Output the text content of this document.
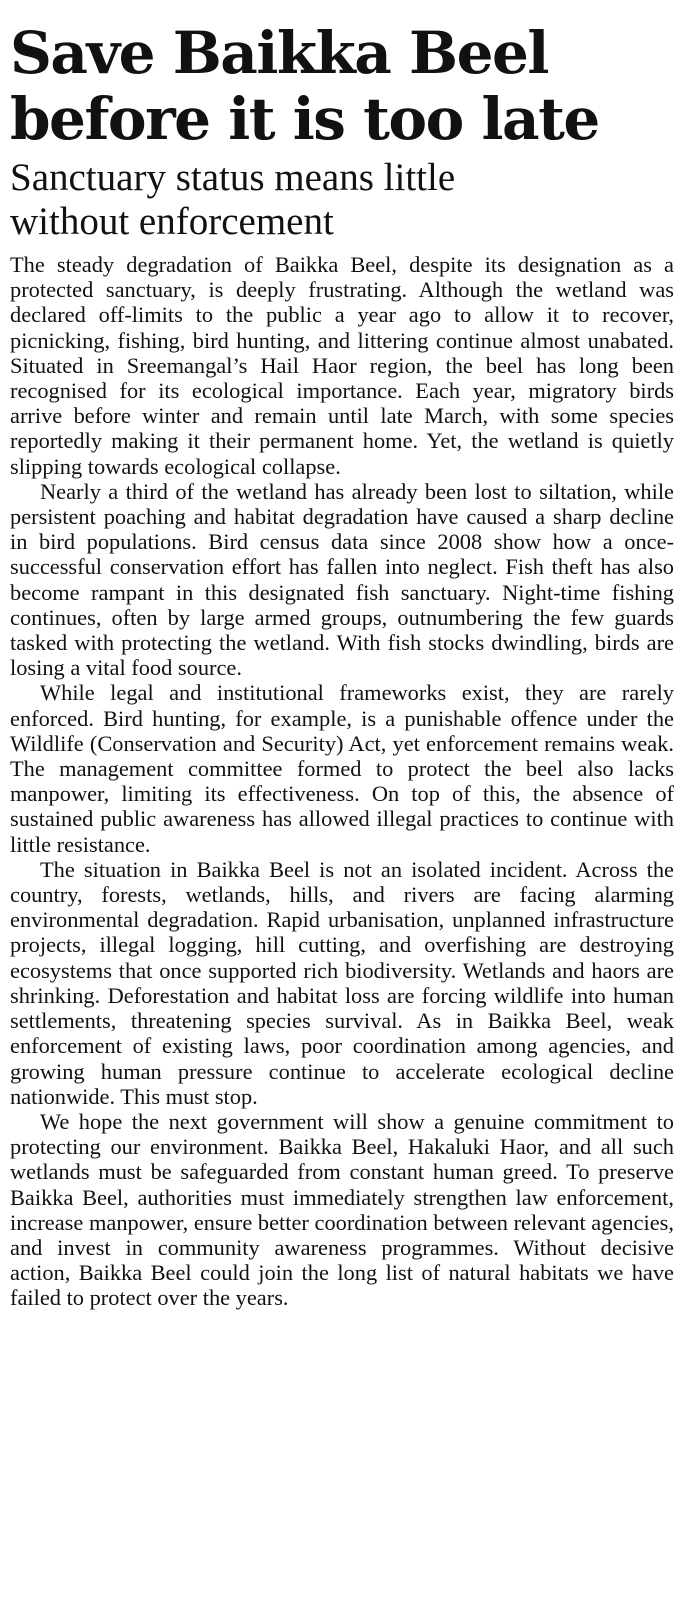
Save Baikka Beel
before it is too late
Sanctuary status means little
without enforcement

The steady degradation of Baikka Beel, despite its designation as a protected sanctuary, is deeply frustrating. Although the wetland was declared off-limits to the public a year ago to allow it to recover, picnicking, fishing, bird hunting, and littering continue almost unabated. Situated in Sreemangal’s Hail Haor region, the beel has long been recognised for its ecological importance. Each year, migratory birds arrive before winter and remain until late March, with some species reportedly making it their permanent home. Yet, the wetland is quietly slipping towards ecological collapse.

Nearly a third of the wetland has already been lost to siltation, while persistent poaching and habitat degradation have caused a sharp decline in bird populations. Bird census data since 2008 show how a once-successful conservation effort has fallen into neglect. Fish theft has also become rampant in this designated fish sanctuary. Night-time fishing continues, often by large armed groups, outnumbering the few guards tasked with protecting the wetland. With fish stocks dwindling, birds are losing a vital food source.

While legal and institutional frameworks exist, they are rarely enforced. Bird hunting, for example, is a punishable offence under the Wildlife (Conservation and Security) Act, yet enforcement remains weak. The management committee formed to protect the beel also lacks manpower, limiting its effectiveness. On top of this, the absence of sustained public awareness has allowed illegal practices to continue with little resistance.

The situation in Baikka Beel is not an isolated incident. Across the country, forests, wetlands, hills, and rivers are facing alarming environmental degradation. Rapid urbanisation, unplanned infrastructure projects, illegal logging, hill cutting, and overfishing are destroying ecosystems that once supported rich biodiversity. Wetlands and haors are shrinking. Deforestation and habitat loss are forcing wildlife into human settlements, threatening species survival. As in Baikka Beel, weak enforcement of existing laws, poor coordination among agencies, and growing human pressure continue to accelerate ecological decline nationwide. This must stop.

We hope the next government will show a genuine commitment to protecting our environment. Baikka Beel, Hakaluki Haor, and all such wetlands must be safeguarded from constant human greed. To preserve Baikka Beel, authorities must immediately strengthen law enforcement, increase manpower, ensure better coordination between relevant agencies, and invest in community awareness programmes. Without decisive action, Baikka Beel could join the long list of natural habitats we have failed to protect over the years.
